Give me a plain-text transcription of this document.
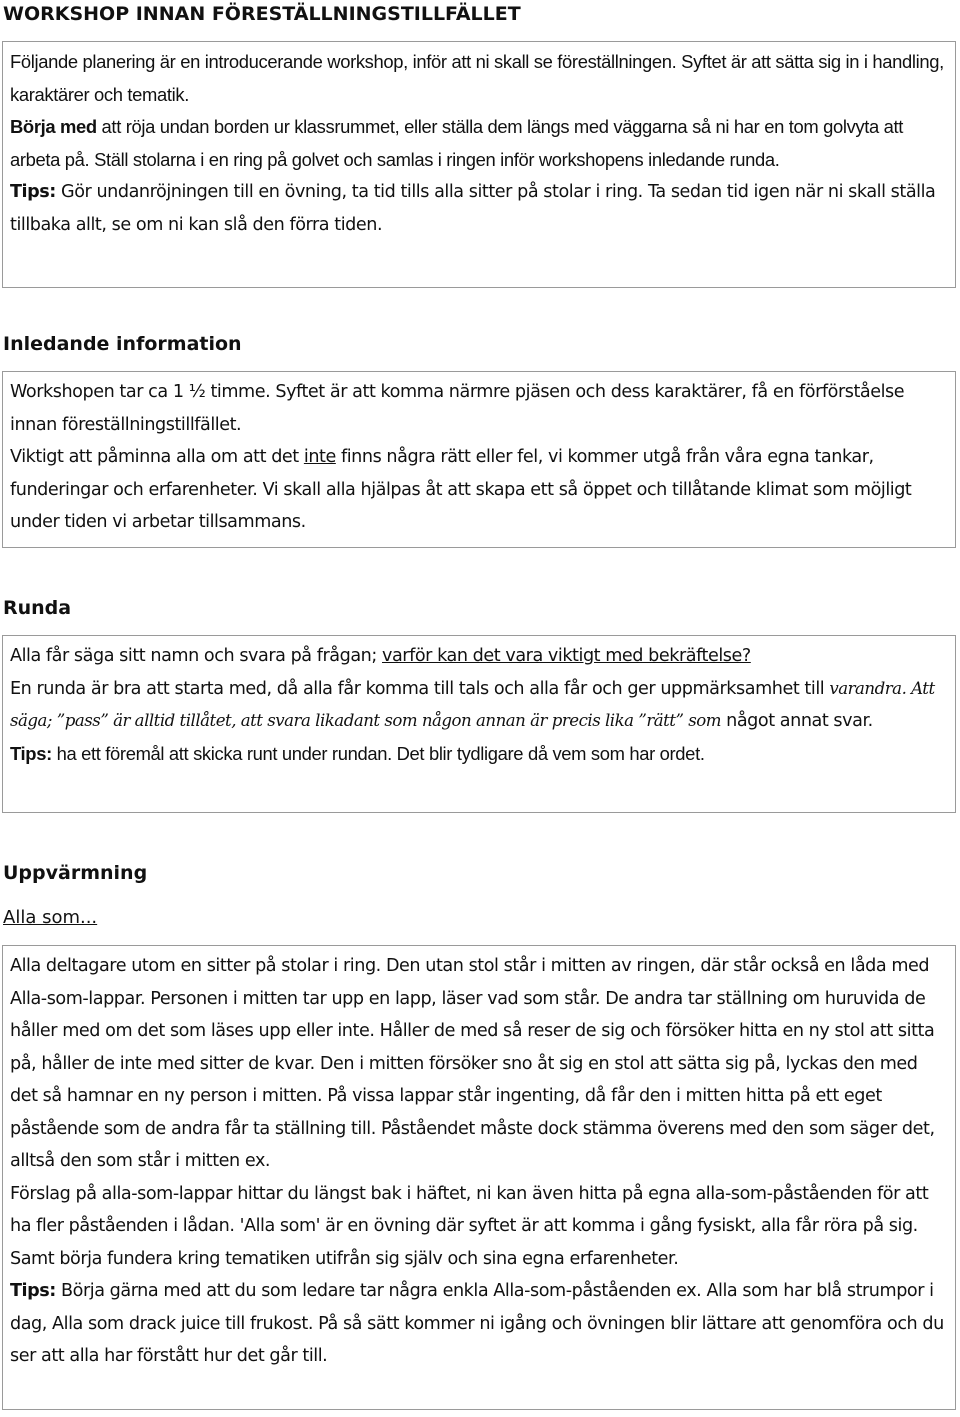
WORKSHOP INNAN FÖRESTÄLLNINGSTILLFÄLLET

Följande planering är en introducerande workshop, inför att ni skall se föreställningen. Syftet är att sätta sig in i handling, karaktärer och tematik.

Börja med att röja undan borden ur klassrummet, eller ställa dem längs med väggarna så ni har en tom golvyta att arbeta på. Ställ stolarna i en ring på golvet och samlas i ringen inför workshopens inledande runda.

Tips: Gör undanröjningen till en övning, ta tid tills alla sitter på stolar i ring. Ta sedan tid igen när ni skall ställa tillbaka allt, se om ni kan slå den förra tiden.

Inledande information

Workshopen tar ca 1 ½ timme. Syftet är att komma närmre pjäsen och dess karaktärer, få en förförståelse innan föreställningstillfället.

Viktigt att påminna alla om att det inte finns några rätt eller fel, vi kommer utgå från våra egna tankar, funderingar och erfarenheter. Vi skall alla hjälpas åt att skapa ett så öppet och tillåtande klimat som möjligt under tiden vi arbetar tillsammans.

Runda

Alla får säga sitt namn och svara på frågan; varför kan det vara viktigt med bekräftelse?

En runda är bra att starta med, då alla får komma till tals och alla får och ger uppmärksamhet till varandra. Att säga; ”pass” är alltid tillåtet, att svara likadant som någon annan är precis lika ”rätt” som något annat svar.

Tips: ha ett föremål att skicka runt under rundan. Det blir tydligare då vem som har ordet.

Uppvärmning
Alla som...

Alla deltagare utom en sitter på stolar i ring. Den utan stol står i mitten av ringen, där står också en låda med Alla-som-lappar. Personen i mitten tar upp en lapp, läser vad som står. De andra tar ställning om huruvida de håller med om det som läses upp eller inte. Håller de med så reser de sig och försöker hitta en ny stol att sitta på, håller de inte med sitter de kvar. Den i mitten försöker sno åt sig en stol att sätta sig på, lyckas den med det så hamnar en ny person i mitten. På vissa lappar står ingenting, då får den i mitten hitta på ett eget påstående som de andra får ta ställning till. Påståendet måste dock stämma överens med den som säger det, alltså den som står i mitten ex.

Förslag på alla-som-lappar hittar du längst bak i häftet, ni kan även hitta på egna alla-som-påståenden för att ha fler påståenden i lådan. 'Alla som' är en övning där syftet är att komma i gång fysiskt, alla får röra på sig. Samt börja fundera kring tematiken utifrån sig själv och sina egna erfarenheter.

Tips: Börja gärna med att du som ledare tar några enkla Alla-som-påståenden ex. Alla som har blå strumpor i dag, Alla som drack juice till frukost. På så sätt kommer ni igång och övningen blir lättare att genomföra och du ser att alla har förstått hur det går till.
